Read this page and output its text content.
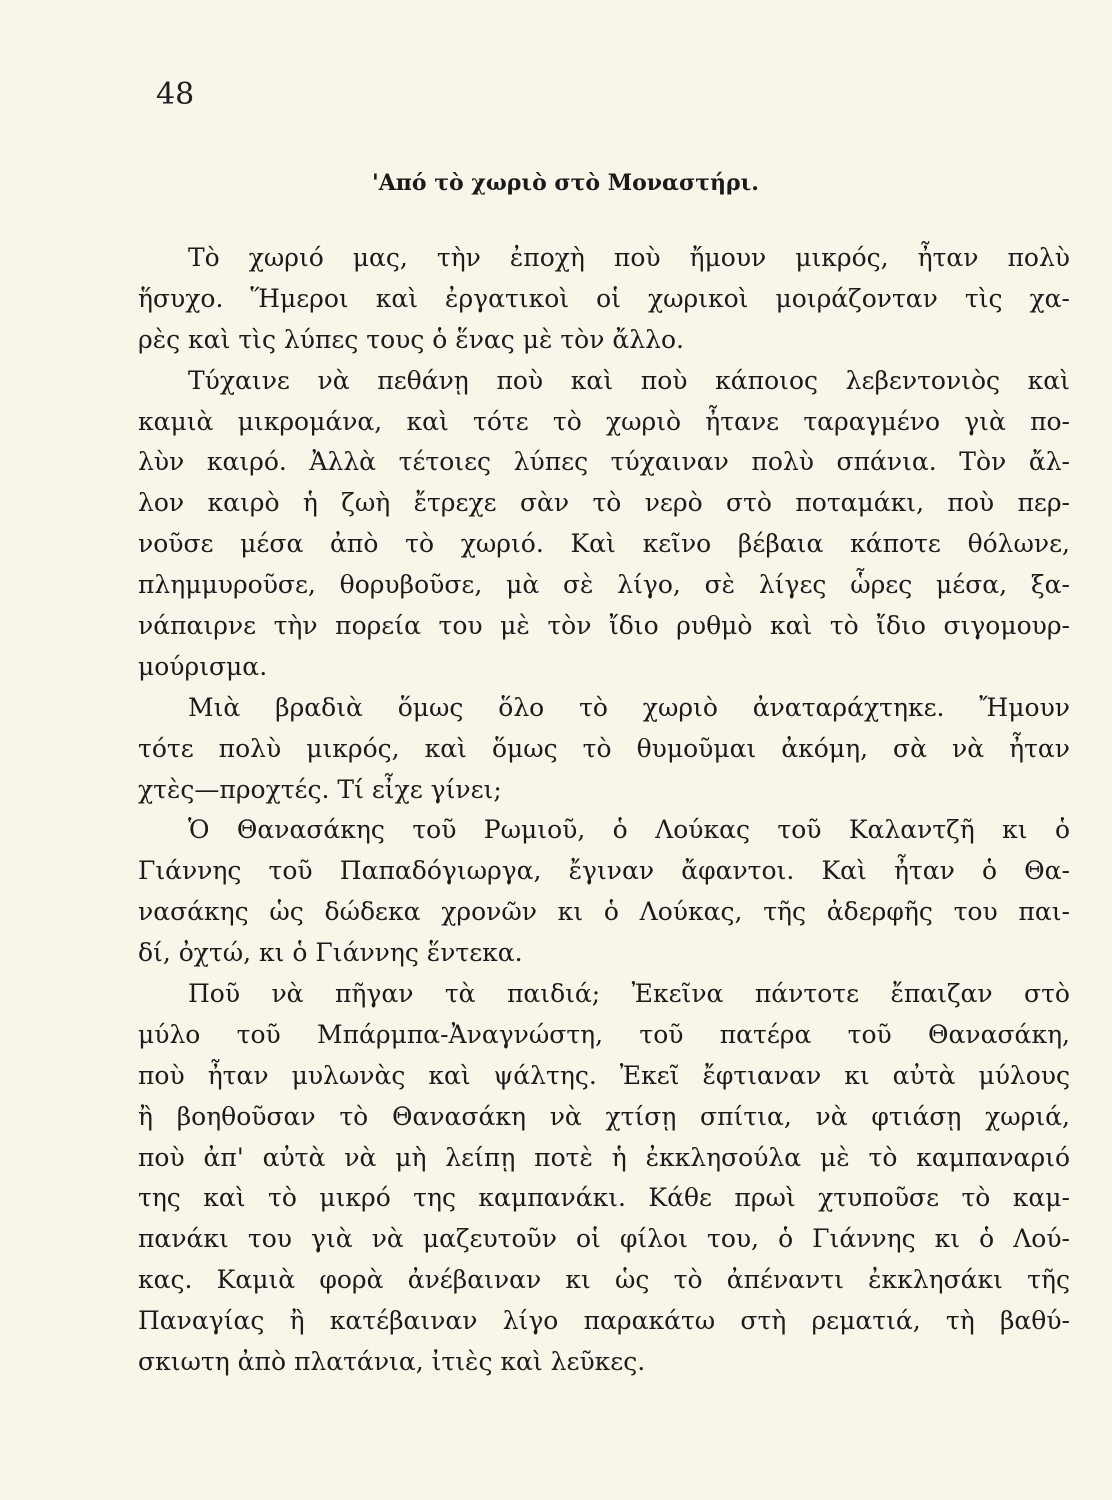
48
'Από τὸ χωριὸ στὸ Μοναστήρι.
Τὸ χωριό μας, τὴν ἐποχὴ ποὺ ἤμουν μικρός, ἦταν πολὺ
ἥσυχο. Ἥμεροι καὶ ἐργατικοὶ οἱ χωρικοὶ μοιράζονταν τὶς χα-
ρὲς καὶ τὶς λύπες τους ὁ ἕνας μὲ τὸν ἄλλο.
Τύχαινε νὰ πεθάνῃ ποὺ καὶ ποὺ κάποιος λεβεντονιὸς καὶ
καμιὰ μικρομάνα, καὶ τότε τὸ χωριὸ ἦτανε ταραγμένο γιὰ πο-
λὺν καιρό. Ἀλλὰ τέτοιες λύπες τύχαιναν πολὺ σπάνια. Τὸν ἄλ-
λον καιρὸ ἡ ζωὴ ἔτρεχε σὰν τὸ νερὸ στὸ ποταμάκι, ποὺ περ-
νοῦσε μέσα ἀπὸ τὸ χωριό. Καὶ κεῖνο βέβαια κάποτε θόλωνε,
πλημμυροῦσε, θορυβοῦσε, μὰ σὲ λίγο, σὲ λίγες ὧρες μέσα, ξα-
νάπαιρνε τὴν πορεία του μὲ τὸν ἴδιο ρυθμὸ καὶ τὸ ἴδιο σιγομουρ-
μούρισμα.
Μιὰ βραδιὰ ὅμως ὅλο τὸ χωριὸ ἀναταράχτηκε. Ἤμουν
τότε πολὺ μικρός, καὶ ὅμως τὸ θυμοῦμαι ἀκόμη, σὰ νὰ ἦταν
χτὲς—προχτές. Τί εἶχε γίνει;
Ὁ Θανασάκης τοῦ Ρωμιοῦ, ὁ Λούκας τοῦ Καλαντζῆ κι ὁ
Γιάννης τοῦ Παπαδόγιωργα, ἔγιναν ἄφαντοι. Καὶ ἦταν ὁ Θα-
νασάκης ὡς δώδεκα χρονῶν κι ὁ Λούκας, τῆς ἀδερφῆς του παι-
δί, ὀχτώ, κι ὁ Γιάννης ἕντεκα.
Ποῦ νὰ πῆγαν τὰ παιδιά; Ἐκεῖνα πάντοτε ἔπαιζαν στὸ
μύλο τοῦ Μπάρμπα-Ἀναγνώστη, τοῦ πατέρα τοῦ Θανασάκη,
ποὺ ἦταν μυλωνὰς καὶ ψάλτης. Ἐκεῖ ἔφτιαναν κι αὐτὰ μύλους
ἢ βοηθοῦσαν τὸ Θανασάκη νὰ χτίσῃ σπίτια, νὰ φτιάσῃ χωριά,
ποὺ ἀπ' αὐτὰ νὰ μὴ λείπῃ ποτὲ ἡ ἐκκλησούλα μὲ τὸ καμπαναριό
της καὶ τὸ μικρό της καμπανάκι. Κάθε πρωὶ χτυποῦσε τὸ καμ-
πανάκι του γιὰ νὰ μαζευτοῦν οἱ φίλοι του, ὁ Γιάννης κι ὁ Λού-
κας. Καμιὰ φορὰ ἀνέβαιναν κι ὡς τὸ ἀπέναντι ἐκκλησάκι τῆς
Παναγίας ἢ κατέβαιναν λίγο παρακάτω στὴ ρεματιά, τὴ βαθύ-
σκιωτη ἀπὸ πλατάνια, ἰτιὲς καὶ λεῦκες.
